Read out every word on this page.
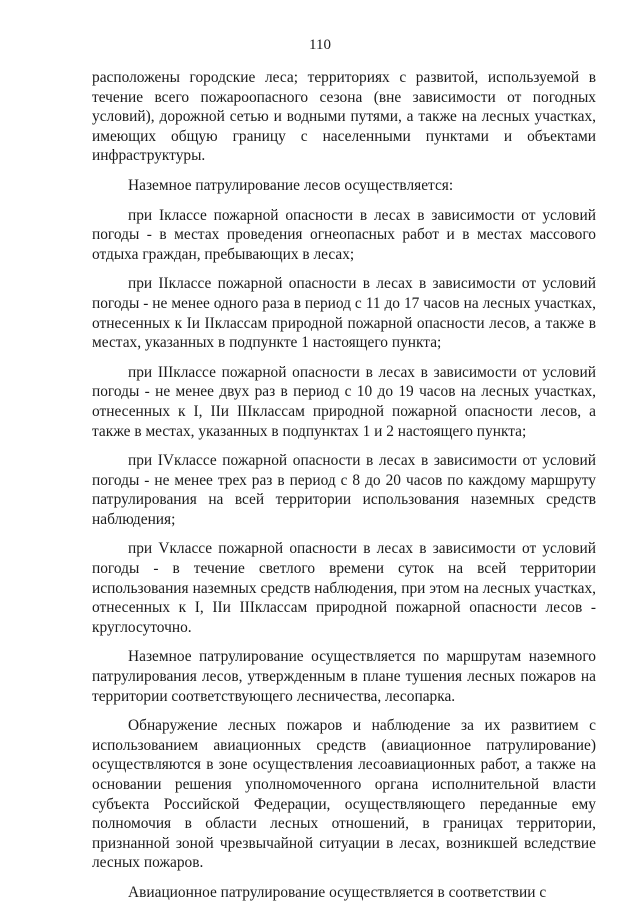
110

расположены городские леса; территориях с развитой, используемой в течение всего пожароопасного сезона (вне зависимости от погодных условий), дорожной сетью и водными путями, а также на лесных участках, имеющих общую границу с населенными пунктами и объектами инфраструктуры.

Наземное патрулирование лесов осуществляется:

при Iклассе пожарной опасности в лесах в зависимости от условий погоды - в местах проведения огнеопасных работ и в местах массового отдыха граждан, пребывающих в лесах;

при IIклассе пожарной опасности в лесах в зависимости от условий погоды - не менее одного раза в период с 11 до 17 часов на лесных участках, отнесенных к Iи IIклассам природной пожарной опасности лесов, а также в местах, указанных в подпункте 1 настоящего пункта;

при IIIклассе пожарной опасности в лесах в зависимости от условий погоды - не менее двух раз в период с 10 до 19 часов на лесных участках, отнесенных к I, IIи IIIклассам природной пожарной опасности лесов, а также в местах, указанных в подпунктах 1 и 2 настоящего пункта;

при IVклассе пожарной опасности в лесах в зависимости от условий погоды - не менее трех раз в период с 8 до 20 часов по каждому маршруту патрулирования на всей территории использования наземных средств наблюдения;

при Vклассе пожарной опасности в лесах в зависимости от условий погоды - в течение светлого времени суток на всей территории использования наземных средств наблюдения, при этом на лесных участках, отнесенных к I, IIи IIIклассам природной пожарной опасности лесов - круглосуточно.

Наземное патрулирование осуществляется по маршрутам наземного патрулирования лесов, утвержденным в плане тушения лесных пожаров на территории соответствующего лесничества, лесопарка.

Обнаружение лесных пожаров и наблюдение за их развитием с использованием авиационных средств (авиационное патрулирование) осуществляются в зоне осуществления лесоавиационных работ, а также на основании решения уполномоченного органа исполнительной власти субъекта Российской Федерации, осуществляющего переданные ему полномочия в области лесных отношений, в границах территории, признанной зоной чрезвычайной ситуации в лесах, возникшей вследствие лесных пожаров.

Авиационное патрулирование осуществляется в соответствии с
